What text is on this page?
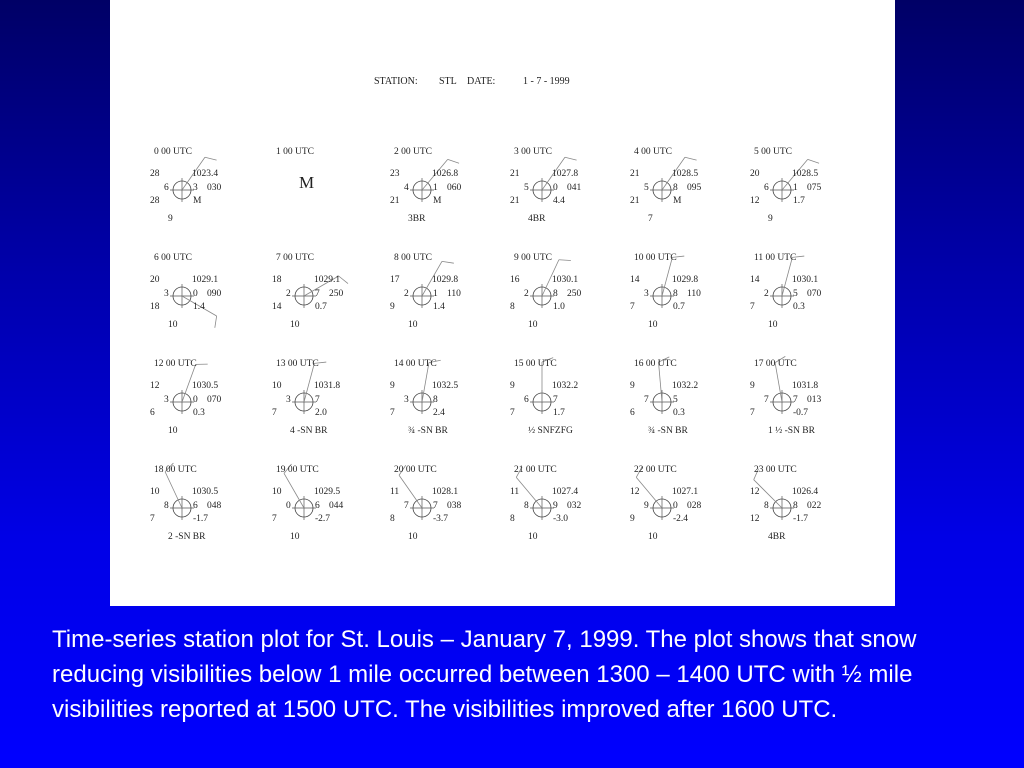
STATION: STL DATE:	1 - 7 - 1999
0 00 UTC
28	1023.4
6	3 030
28	M
9
1 00 UTC
M
2 00 UTC
23	1026.8
4	1 060
21	M
3BR
3 00 UTC
21	1027.8
5	0 041
21	4.4
4BR
4 00 UTC
21	1028.5
5	8 095
21	M
7
5 00 UTC
20	1028.5
6	1 075
12	1.7
9
6 00 UTC
20	1029.1
3	0 090
18	1.4
10
7 00 UTC
18	1029.1
2	7 250
14	0.7
10
8 00 UTC
17	1029.8
2	1 110
9	1.4
10
9 00 UTC
16	1030.1
2	8 250
8	1.0
10
10 00 UTC
14	1029.8
3	8 110
7	0.7
10
11 00 UTC
14	1030.1
2	5 070
7	0.3
10
12 00 UTC
12	1030.5
3	0 070
6	0.3
10
13 00 UTC
10	1031.8
3	7
7	2.0
4 -SN BR
14 00 UTC
9	1032.5
3	8
7	2.4
¾ -SN BR
15 00 UTC
9	1032.2
6	7
7	1.7
½ SNFZFG
16 00 UTC
9	1032.2
7	5
6	0.3
¾ -SN BR
17 00 UTC
9	1031.8
7	7 013
7	-0.7
1 ½ -SN BR
18 00 UTC
10	1030.5
8	6 048
7	-1.7
2 -SN BR
19 00 UTC
10	1029.5
0	6 044
7	-2.7
10
20 00 UTC
11	1028.1
7	7 038
8	-3.7
10
21 00 UTC
11	1027.4
8	9 032
8	-3.0
10
22 00 UTC
12	1027.1
9	0 028
9	-2.4
10
23 00 UTC
12	1026.4
8	8 022
12	-1.7
4BR
Time-series station plot for St. Louis – January 7, 1999. The plot shows that snow reducing visibilities below 1 mile occurred between 1300 – 1400 UTC with ½ mile visibilities reported at 1500 UTC. The visibilities improved after 1600 UTC.
